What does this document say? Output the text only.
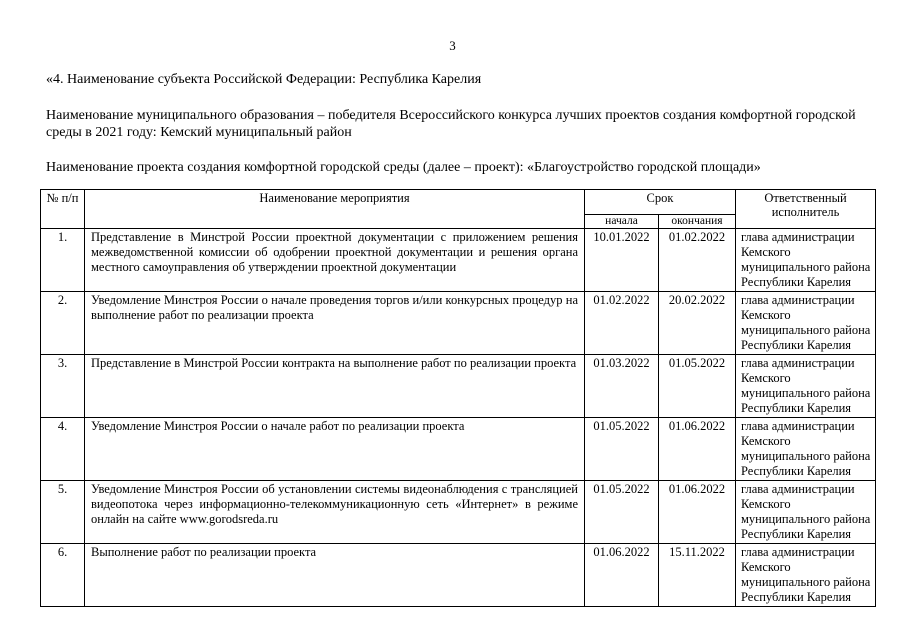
3
«4. Наименование субъекта Российской Федерации: Республика Карелия
Наименование муниципального образования – победителя Всероссийского конкурса лучших проектов создания комфортной городской среды в 2021 году: Кемский муниципальный район
Наименование проекта создания комфортной городской среды (далее – проект): «Благоустройство городской площади»
№ п/п	Наименование мероприятия	Срок		Ответственный исполнитель
		начала	окончания	
1.	Представление в Минстрой России проектной документации с приложением решения межведомственной комиссии об одобрении проектной документации и решения органа местного самоуправления об утверждении проектной документации	10.01.2022	01.02.2022	глава администрации Кемского муниципального района Республики Карелия
2.	Уведомление Минстроя России о начале проведения торгов и/или конкурсных процедур на выполнение работ по реализации проекта	01.02.2022	20.02.2022	глава администрации Кемского муниципального района Республики Карелия
3.	Представление в Минстрой России контракта на выполнение работ по реализации проекта	01.03.2022	01.05.2022	глава администрации Кемского муниципального района Республики Карелия
4.	Уведомление Минстроя России о начале работ по реализации проекта	01.05.2022	01.06.2022	глава администрации Кемского муниципального района Республики Карелия
5.	Уведомление Минстроя России об установлении системы видеонаблюдения с трансляцией видеопотока через информационно-телекоммуникационную сеть «Интернет» в режиме онлайн на сайте www.gorodsreda.ru	01.05.2022	01.06.2022	глава администрации Кемского муниципального района Республики Карелия
6.	Выполнение работ по реализации проекта	01.06.2022	15.11.2022	глава администрации Кемского муниципального района Республики Карелия
